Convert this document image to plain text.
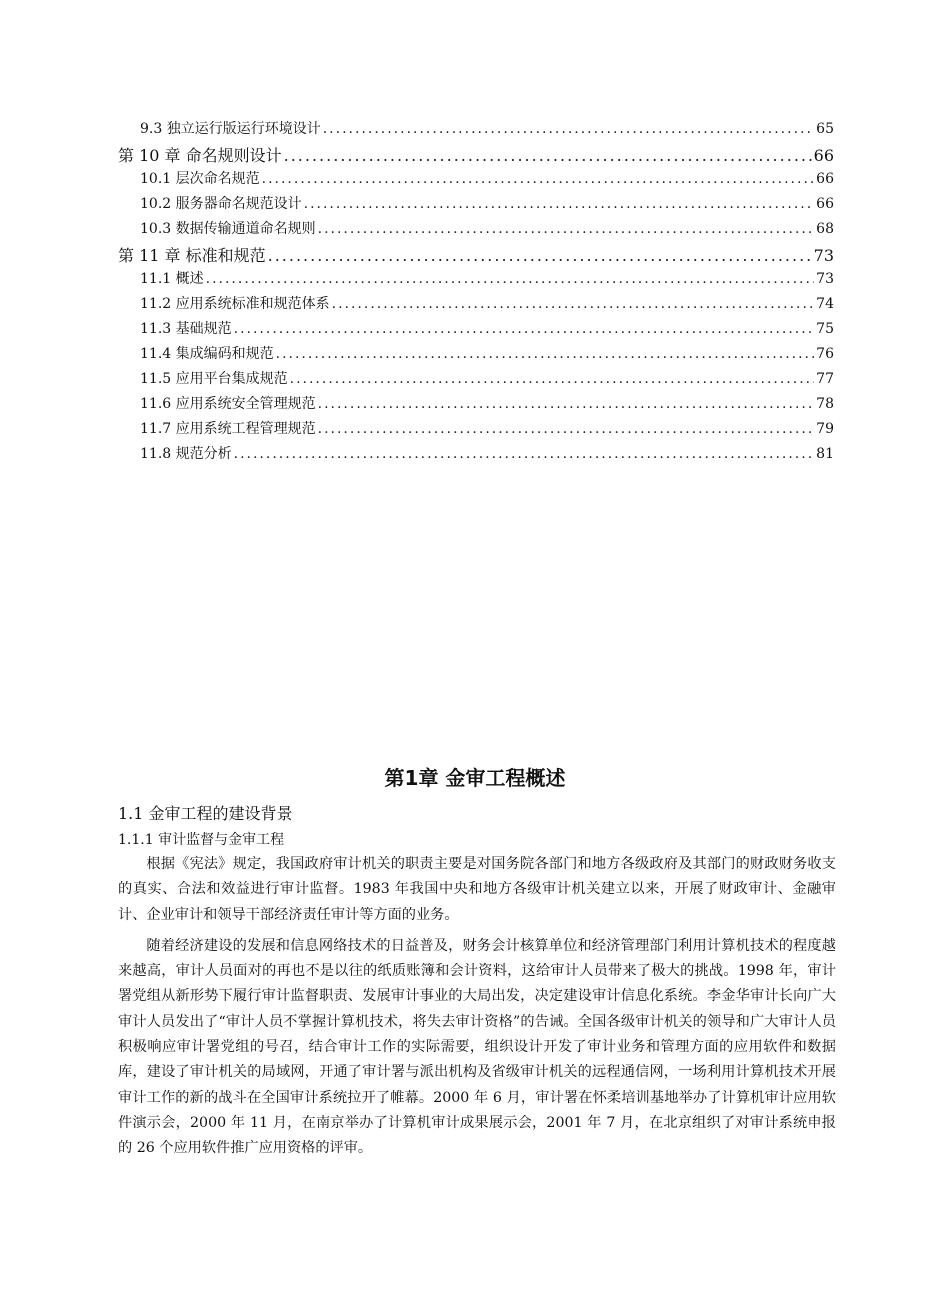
9.3 独立运行版运行环境设计 .....	65
第 10 章 命名规则设计 .....	66
10.1 层次命名规范 .....	66
10.2 服务器命名规范设计 .....	66
10.3 数据传输通道命名规则 .....	68
第 11 章 标准和规范 .....	73
11.1 概述 .....	73
11.2 应用系统标准和规范体系 .....	74
11.3 基础规范 .....	75
11.4 集成编码和规范 .....	76
11.5 应用平台集成规范 .....	77
11.6 应用系统安全管理规范 .....	78
11.7 应用系统工程管理规范 .....	79
11.8 规范分析 .....	81
第1章 金审工程概述
1.1 金审工程的建设背景
1.1.1 审计监督与金审工程

根据《宪法》规定，我国政府审计机关的职责主要是对国务院各部门和地方各级政府及其部门的财政财务收支的真实、合法和效益进行审计监督。1983 年我国中央和地方各级审计机关建立以来，开展了财政审计、金融审计、企业审计和领导干部经济责任审计等方面的业务。

随着经济建设的发展和信息网络技术的日益普及，财务会计核算单位和经济管理部门利用计算机技术的程度越来越高，审计人员面对的再也不是以往的纸质账簿和会计资料，这给审计人员带来了极大的挑战。1998 年，审计署党组从新形势下履行审计监督职责、发展审计事业的大局出发，决定建设审计信息化系统。李金华审计长向广大审计人员发出了“审计人员不掌握计算机技术，将失去审计资格”的告诫。全国各级审计机关的领导和广大审计人员积极响应审计署党组的号召，结合审计工作的实际需要，组织设计开发了审计业务和管理方面的应用软件和数据库，建设了审计机关的局域网，开通了审计署与派出机构及省级审计机关的远程通信网，一场利用计算机技术开展审计工作的新的战斗在全国审计系统拉开了帷幕。2000 年 6 月，审计署在怀柔培训基地举办了计算机审计应用软件演示会，2000 年 11 月，在南京举办了计算机审计成果展示会，2001 年 7 月，在北京组织了对审计系统申报的 26 个应用软件推广应用资格的评审。
